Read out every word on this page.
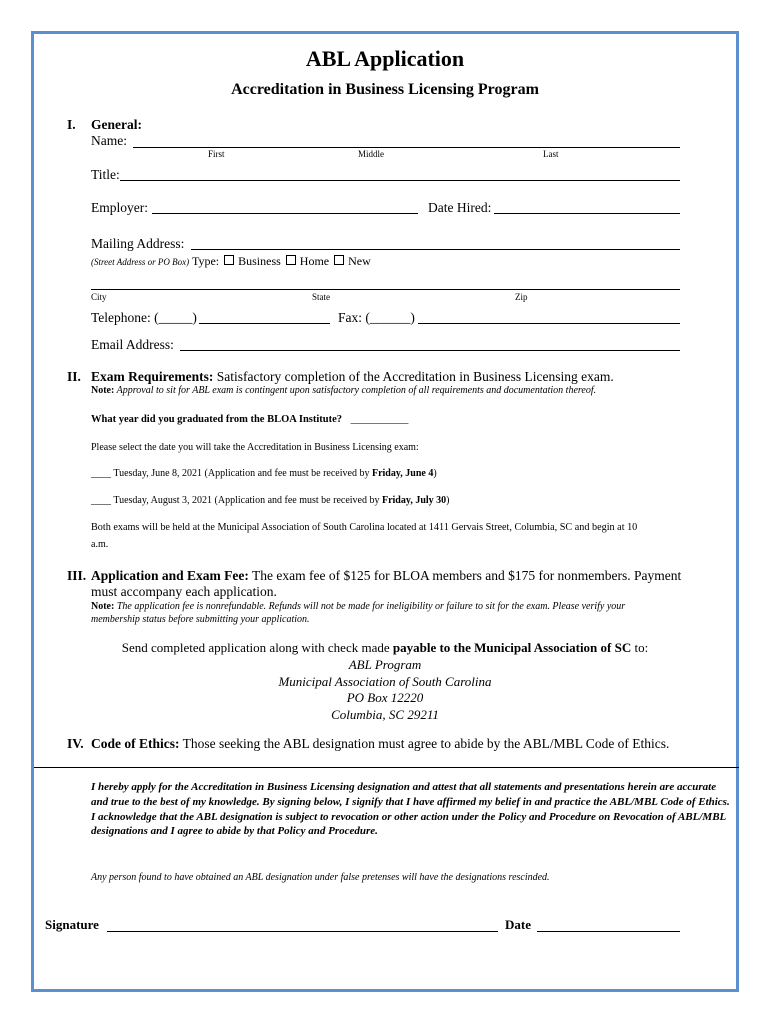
ABL Application
Accreditation in Business Licensing Program
I. General:
Name:
First	Middle	Last
Title:
Employer:	Date Hired:
Mailing Address:
(Street Address or PO Box) Type: Business Home New
City	State	Zip
Telephone: (_____)	Fax: (______)
Email Address:
II. Exam Requirements: Satisfactory completion of the Accreditation in Business Licensing exam.
Note: Approval to sit for ABL exam is contingent upon satisfactory completion of all requirements and documentation thereof.
What year did you graduated from the BLOA Institute? ___________
Please select the date you will take the Accreditation in Business Licensing exam:
____ Tuesday, June 8, 2021 (Application and fee must be received by Friday, June 4)
____ Tuesday, August 3, 2021 (Application and fee must be received by Friday, July 30)
Both exams will be held at the Municipal Association of South Carolina located at 1411 Gervais Street, Columbia, SC and begin at 10
a.m.
III. Application and Exam Fee: The exam fee of $125 for BLOA members and $175 for nonmembers. Payment
must accompany each application.
Note: The application fee is nonrefundable. Refunds will not be made for ineligibility or failure to sit for the exam. Please verify your
membership status before submitting your application.
Send completed application along with check made payable to the Municipal Association of SC to:
ABL Program
Municipal Association of South Carolina
PO Box 12220
Columbia, SC 29211
IV. Code of Ethics: Those seeking the ABL designation must agree to abide by the ABL/MBL Code of Ethics.
I hereby apply for the Accreditation in Business Licensing designation and attest that all statements and presentations herein are accurate and true to the best of my knowledge. By signing below, I signify that I have affirmed my belief in and practice the ABL/MBL Code of Ethics. I acknowledge that the ABL designation is subject to revocation or other action under the Policy and Procedure on Revocation of ABL/MBL designations and I agree to abide by that Policy and Procedure.
Any person found to have obtained an ABL designation under false pretenses will have the designations rescinded.
Signature	Date
